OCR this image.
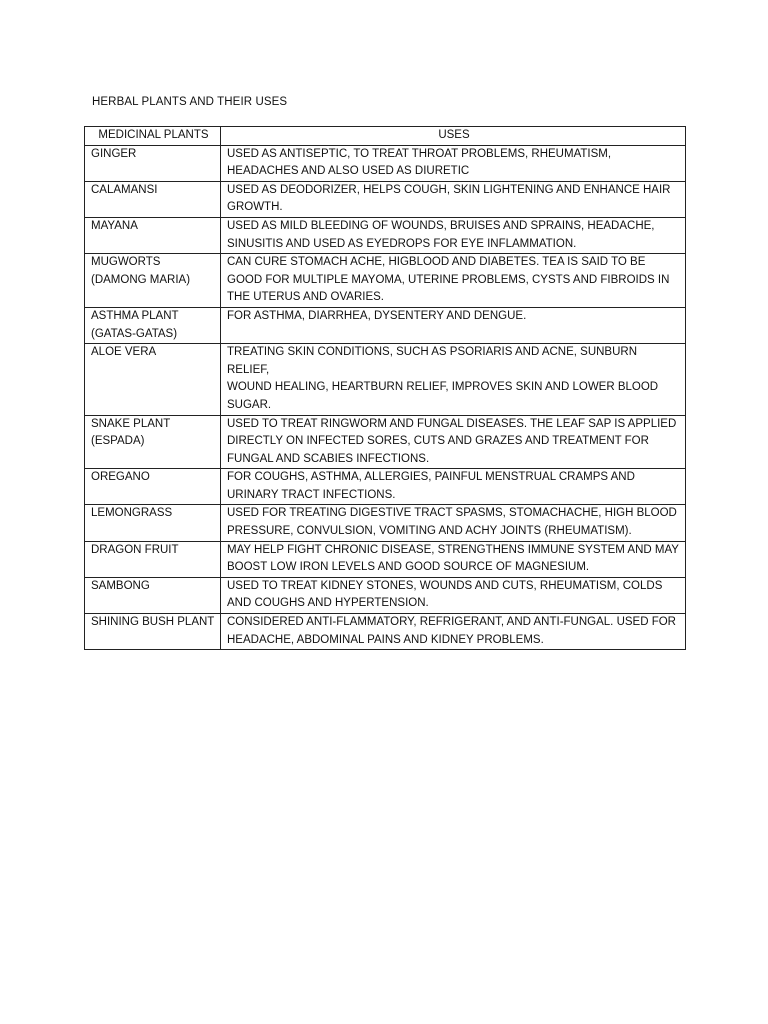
HERBAL PLANTS AND THEIR USES
MEDICINAL PLANTS	USES
GINGER	USED AS ANTISEPTIC, TO TREAT THROAT PROBLEMS, RHEUMATISM,
HEADACHES AND ALSO USED AS DIURETIC
CALAMANSI	USED AS DEODORIZER, HELPS COUGH, SKIN LIGHTENING AND ENHANCE HAIR
GROWTH.
MAYANA	USED AS MILD BLEEDING OF WOUNDS, BRUISES AND SPRAINS, HEADACHE,
SINUSITIS AND USED AS EYEDROPS FOR EYE INFLAMMATION.
MUGWORTS
(DAMONG MARIA)	CAN CURE STOMACH ACHE, HIGBLOOD AND DIABETES. TEA IS SAID TO BE
GOOD FOR MULTIPLE MAYOMA, UTERINE PROBLEMS, CYSTS AND FIBROIDS IN
THE UTERUS AND OVARIES.
ASTHMA PLANT
(GATAS-GATAS)	FOR ASTHMA, DIARRHEA, DYSENTERY AND DENGUE.
ALOE VERA	TREATING SKIN CONDITIONS, SUCH AS PSORIARIS AND ACNE, SUNBURN RELIEF,
WOUND HEALING, HEARTBURN RELIEF, IMPROVES SKIN AND LOWER BLOOD
SUGAR.
SNAKE PLANT
(ESPADA)	USED TO TREAT RINGWORM AND FUNGAL DISEASES. THE LEAF SAP IS APPLIED
DIRECTLY ON INFECTED SORES, CUTS AND GRAZES AND TREATMENT FOR
FUNGAL AND SCABIES INFECTIONS.
OREGANO	FOR COUGHS, ASTHMA, ALLERGIES, PAINFUL MENSTRUAL CRAMPS AND
URINARY TRACT INFECTIONS.
LEMONGRASS	USED FOR TREATING DIGESTIVE TRACT SPASMS, STOMACHACHE, HIGH BLOOD
PRESSURE, CONVULSION, VOMITING AND ACHY JOINTS (RHEUMATISM).
DRAGON FRUIT	MAY HELP FIGHT CHRONIC DISEASE, STRENGTHENS IMMUNE SYSTEM AND MAY
BOOST LOW IRON LEVELS AND GOOD SOURCE OF MAGNESIUM.
SAMBONG	USED TO TREAT KIDNEY STONES, WOUNDS AND CUTS, RHEUMATISM, COLDS
AND COUGHS AND HYPERTENSION.
SHINING BUSH PLANT	CONSIDERED ANTI-FLAMMATORY, REFRIGERANT, AND ANTI-FUNGAL. USED FOR
HEADACHE, ABDOMINAL PAINS AND KIDNEY PROBLEMS.
